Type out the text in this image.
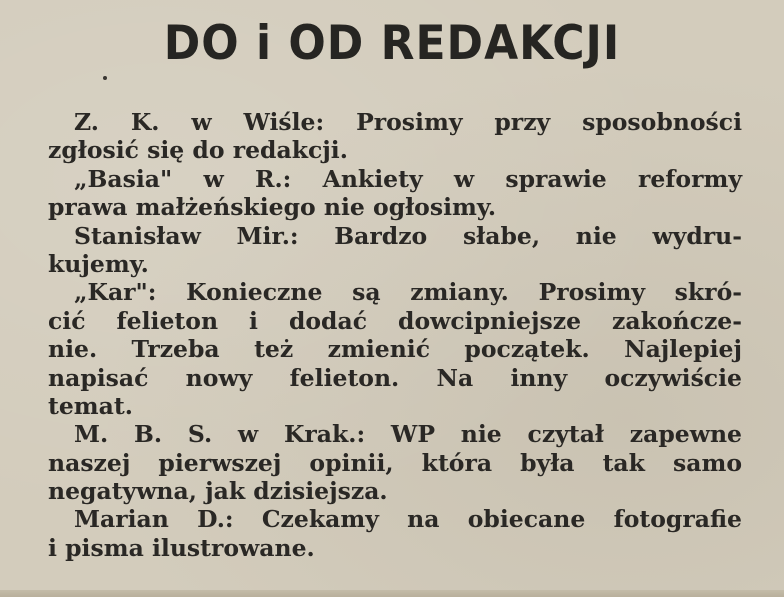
DO i OD REDAKCJI
Z. K. w Wiśle: Prosimy przy sposobności
zgłosić się do redakcji.
„Basia" w R.: Ankiety w sprawie reformy
prawa małżeńskiego nie ogłosimy.
Stanisław Mir.: Bardzo słabe, nie wydru-
kujemy.
„Kar": Konieczne są zmiany. Prosimy skró-
cić felieton i dodać dowcipniejsze zakończe-
nie. Trzeba też zmienić początek. Najlepiej
napisać nowy felieton. Na inny oczywiście
temat.
M. B. S. w Krak.: WP nie czytał zapewne
naszej pierwszej opinii, która była tak samo
negatywna, jak dzisiejsza.
Marian D.: Czekamy na obiecane fotografie
i pisma ilustrowane.
